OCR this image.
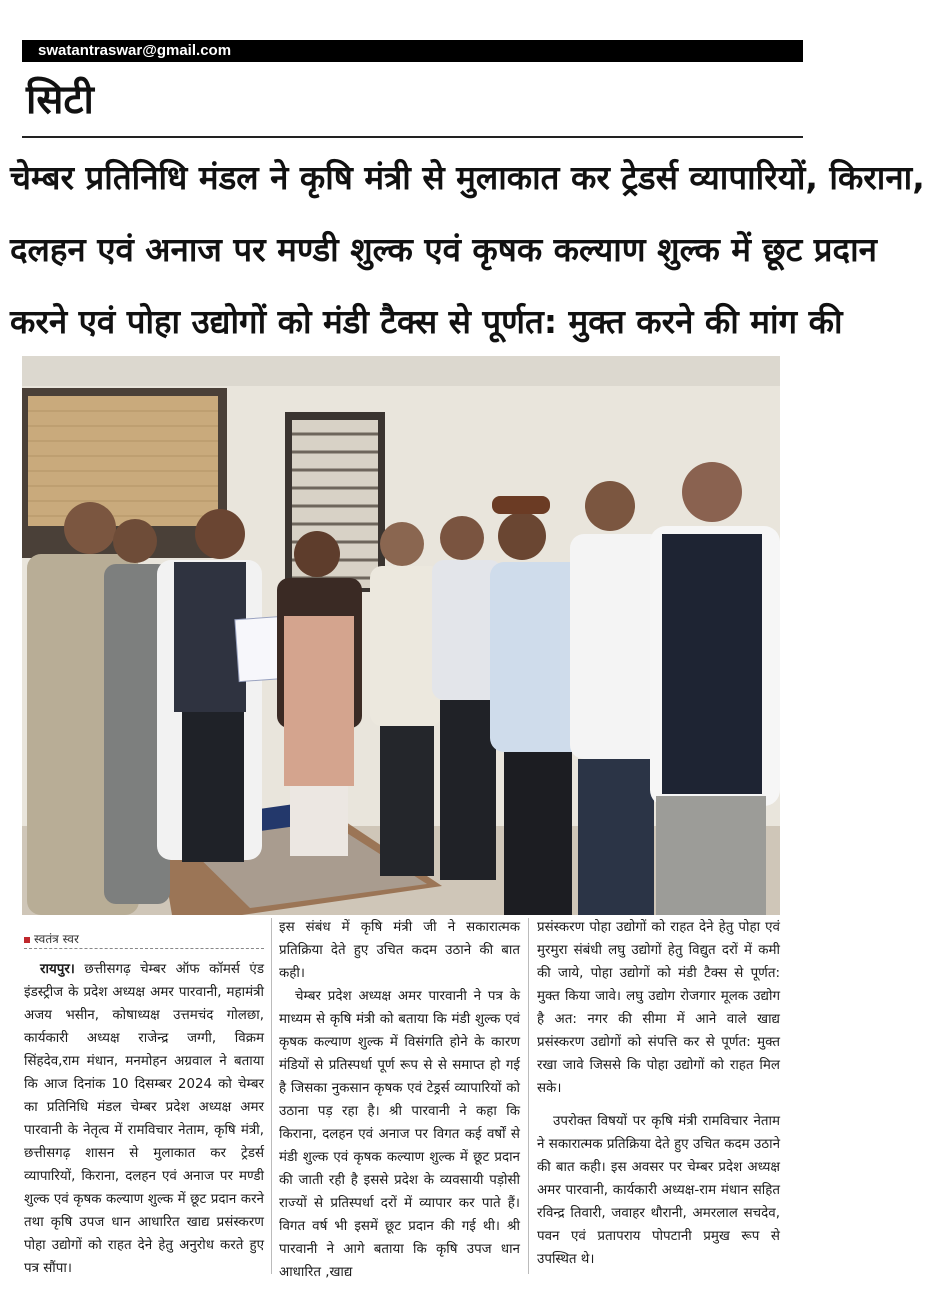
swatantraswar@gmail.com
सिटी
चेम्बर प्रतिनिधि मंडल ने कृषि मंत्री से मुलाकात कर ट्रेडर्स व्यापारियों, किराना,
दलहन एवं अनाज पर मण्डी शुल्क एवं कृषक कल्याण शुल्क में छूट प्रदान
करने एवं पोहा उद्योगों को मंडी टैक्स से पूर्णत: मुक्त करने की मांग की
स्वतंत्र स्वर

रायपुर। छत्तीसगढ़ चेम्बर ऑफ कॉमर्स एंड इंडस्ट्रीज के प्रदेश अध्यक्ष अमर पारवानी, महामंत्री अजय भसीन, कोषाध्यक्ष उत्तमचंद गोलछा, कार्यकारी अध्यक्ष राजेन्द्र जग्गी, विक्रम सिंहदेव,राम मंधान, मनमोहन अग्रवाल ने बताया कि आज दिनांक 10 दिसम्बर 2024 को चेम्बर का प्रतिनिधि मंडल चेम्बर प्रदेश अध्यक्ष अमर पारवानी के नेतृत्व में रामविचार नेताम, कृषि मंत्री, छत्तीसगढ़ शासन से मुलाकात कर ट्रेडर्स व्यापारियों, किराना, दलहन एवं अनाज पर मण्डी शुल्क एवं कृषक कल्याण शुल्क में छूट प्रदान करने तथा कृषि उपज धान आधारित खाद्य प्रसंस्करण पोहा उद्योगों को राहत देने हेतु अनुरोध करते हुए पत्र सौंपा।

इस संबंध में कृषि मंत्री जी ने सकारात्मक प्रतिक्रिया देते हुए उचित कदम उठाने की बात कही।

चेम्बर प्रदेश अध्यक्ष अमर पारवानी ने पत्र के माध्यम से कृषि मंत्री को बताया कि मंडी शुल्क एवं कृषक कल्याण शुल्क में विसंगति होने के कारण मंडियों से प्रतिस्पर्धा पूर्ण रूप से से समाप्त हो गई है जिसका नुकसान कृषक एवं टेड्रर्स व्यापारियों को उठाना पड़ रहा है। श्री पारवानी ने कहा कि किराना, दलहन एवं अनाज पर विगत कई वर्षों से मंडी शुल्क एवं कृषक कल्याण शुल्क में छूट प्रदान की जाती रही है इससे प्रदेश के व्यवसायी पड़ोसी राज्यों से प्रतिस्पर्धा दरों में व्यापार कर पाते हैं। विगत वर्ष भी इसमें छूट प्रदान की गई थी। श्री पारवानी ने आगे बताया कि कृषि उपज धान आधारित ,खाद्य

प्रसंस्करण पोहा उद्योगों को राहत देने हेतु पोहा एवं मुरमुरा संबंधी लघु उद्योगों हेतु विद्युत दरों में कमी की जाये, पोहा उद्योगों को मंडी टैक्स से पूर्णत: मुक्त किया जावे। लघु उद्योग रोजगार मूलक उद्योग है अत: नगर की सीमा में आने वाले खाद्य प्रसंस्करण उद्योगों को संपत्ति कर से पूर्णत: मुक्त रखा जावे जिससे कि पोहा उद्योगों को राहत मिल सके।

उपरोक्त विषयों पर कृषि मंत्री रामविचार नेताम ने सकारात्मक प्रतिक्रिया देते हुए उचित कदम उठाने की बात कही। इस अवसर पर चेम्बर प्रदेश अध्यक्ष अमर पारवानी, कार्यकारी अध्यक्ष-राम मंधान सहित रविन्द्र तिवारी, जवाहर थौरानी, अमरलाल सचदेव, पवन एवं प्रतापराय पोपटानी प्रमुख रूप से उपस्थित थे।
